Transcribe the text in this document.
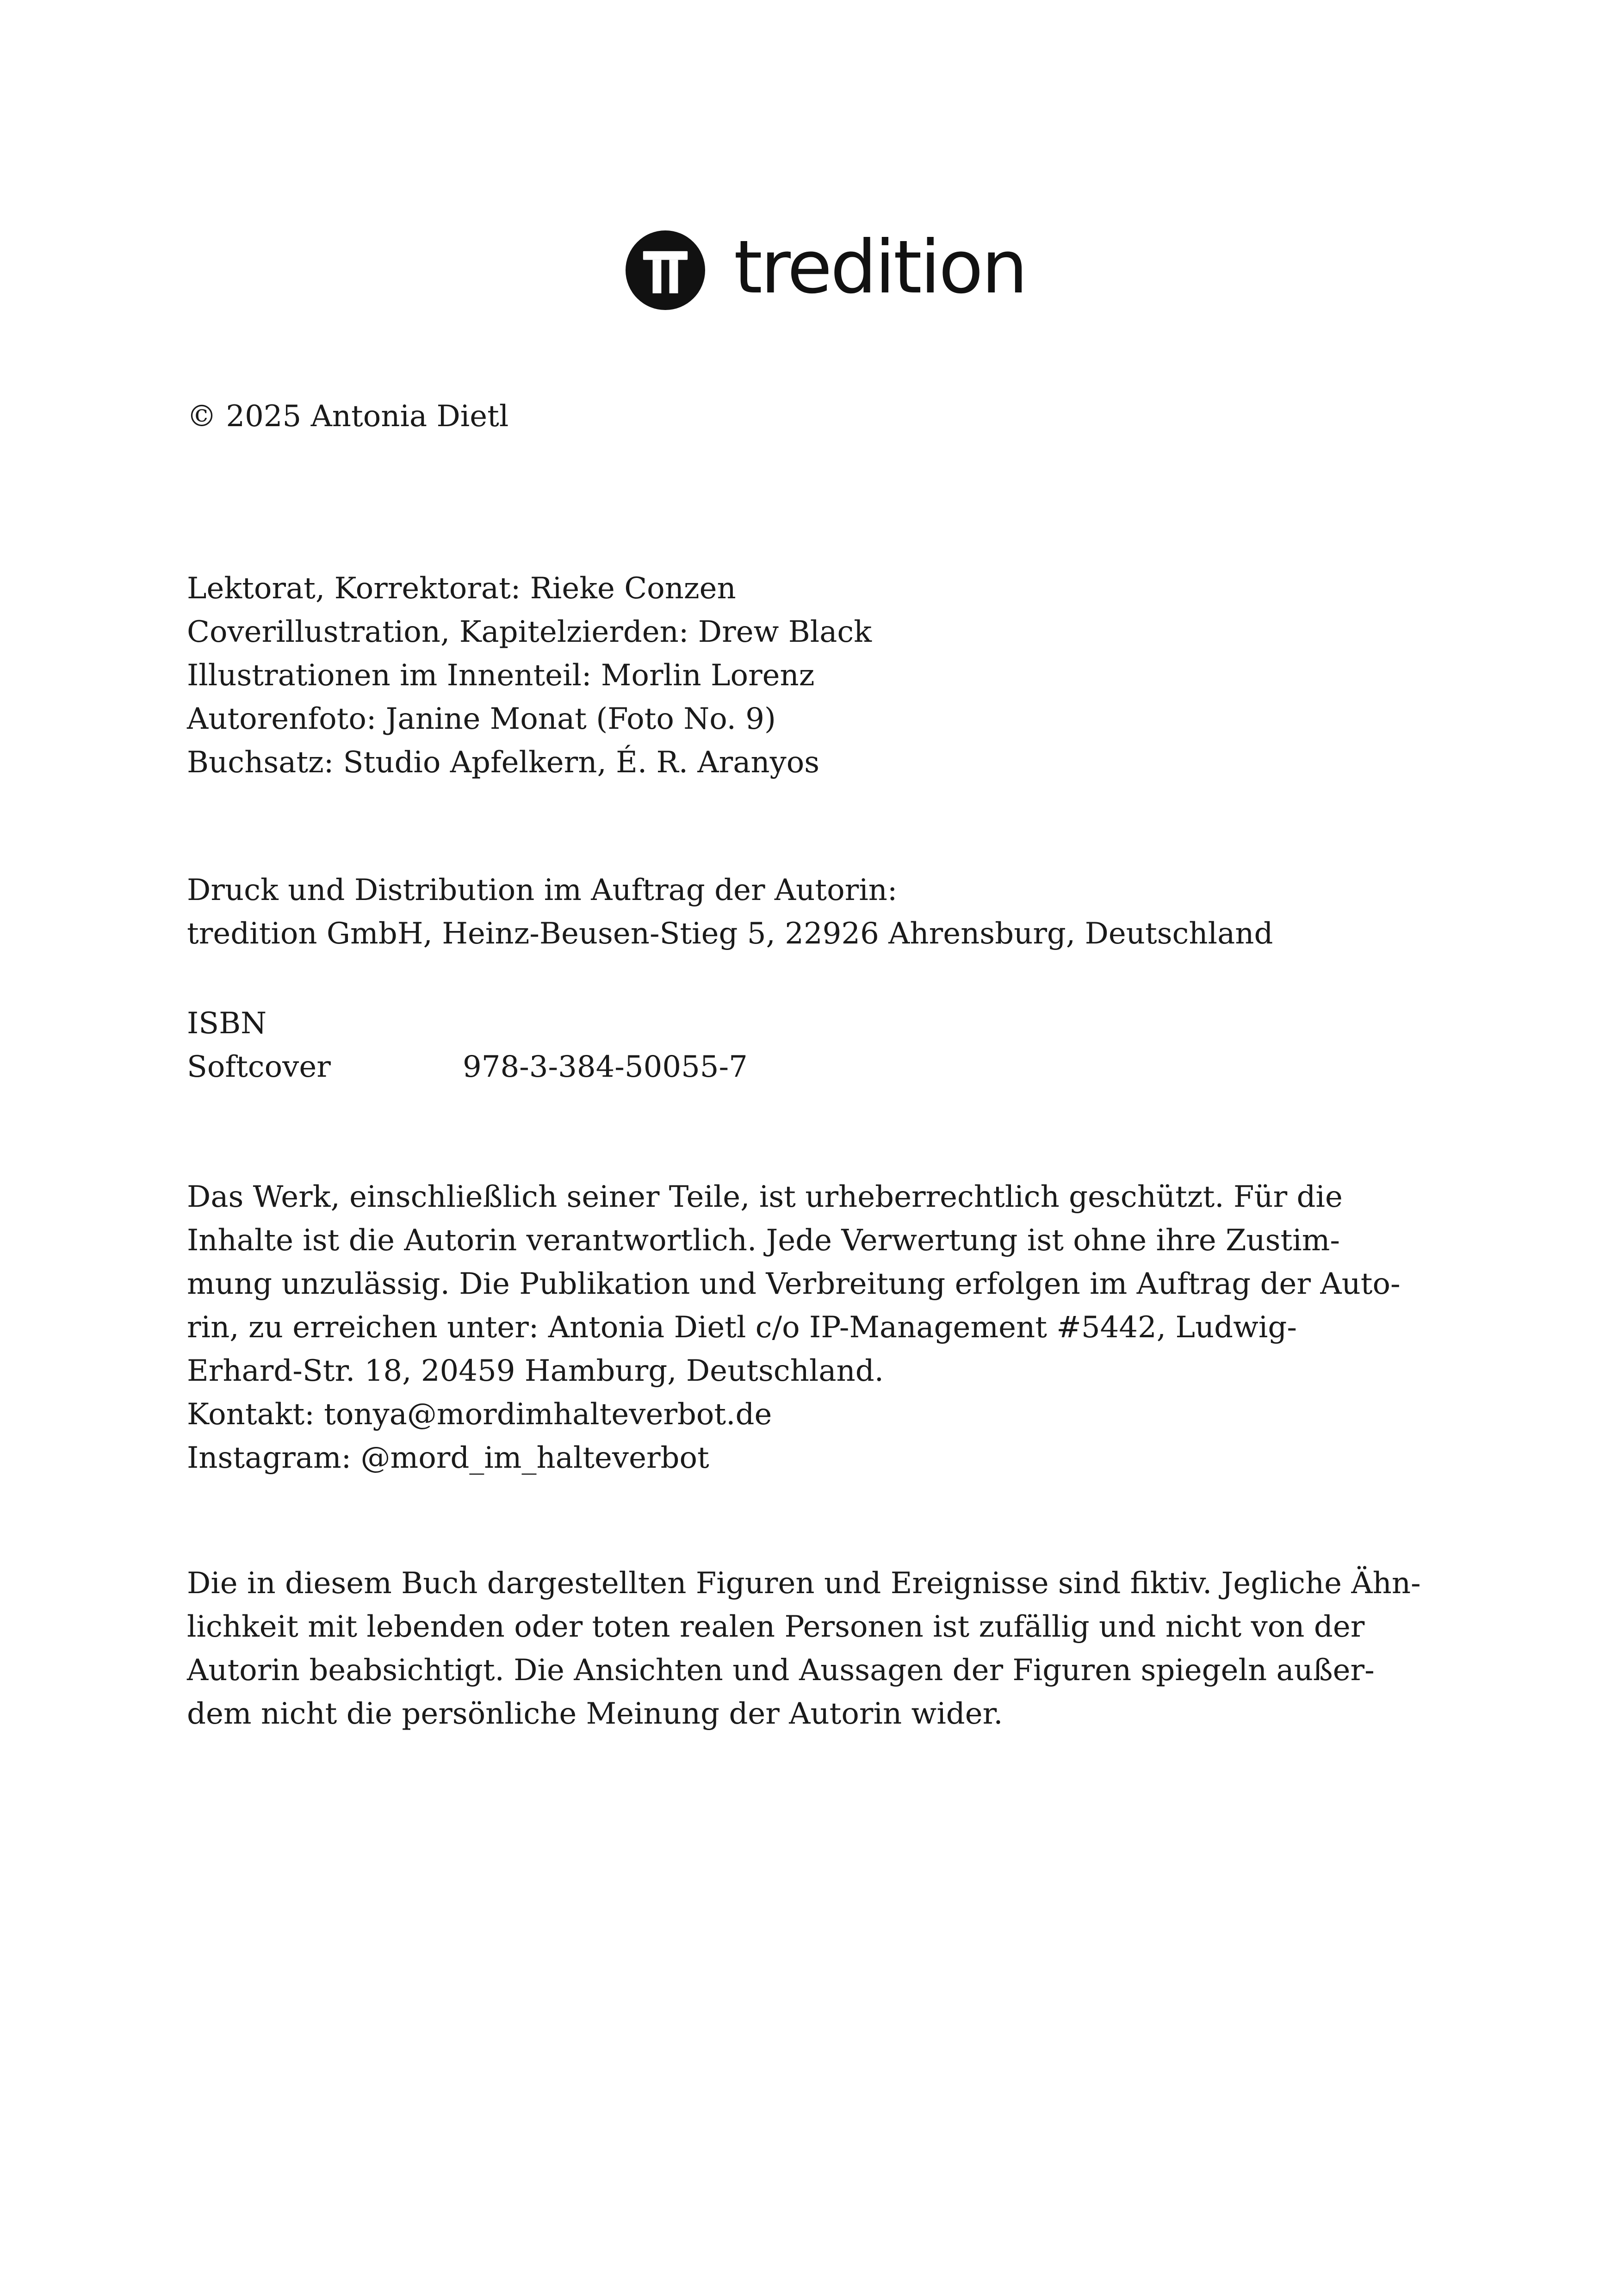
tredition

© 2025 Antonia Dietl

Lektorat, Korrektorat: Rieke Conzen
Coverillustration, Kapitelzierden: Drew Black
Illustrationen im Innenteil: Morlin Lorenz
Autorenfoto: Janine Monat (Foto No. 9)
Buchsatz: Studio Apfelkern, É. R. Aranyos
Druck und Distribution im Auftrag der Autorin:
tredition GmbH, Heinz-Beusen-Stieg 5, 22926 Ahrensburg, Deutschland
ISBN
Softcover	978-3-384-50055-7
Das Werk, einschließlich seiner Teile, ist urheberrechtlich geschützt. Für die
Inhalte ist die Autorin verantwortlich. Jede Verwertung ist ohne ihre Zustim-
mung unzulässig. Die Publikation und Verbreitung erfolgen im Auftrag der Auto-
rin, zu erreichen unter: Antonia Dietl c/o IP-Management #5442, Ludwig-
Erhard-Str. 18, 20459 Hamburg, Deutschland.
Kontakt: tonya@mordimhalteverbot.de
Instagram: @mord_im_halteverbot
Die in diesem Buch dargestellten Figuren und Ereignisse sind fiktiv. Jegliche Ähn-
lichkeit mit lebenden oder toten realen Personen ist zufällig und nicht von der
Autorin beabsichtigt. Die Ansichten und Aussagen der Figuren spiegeln außer-
dem nicht die persönliche Meinung der Autorin wider.
